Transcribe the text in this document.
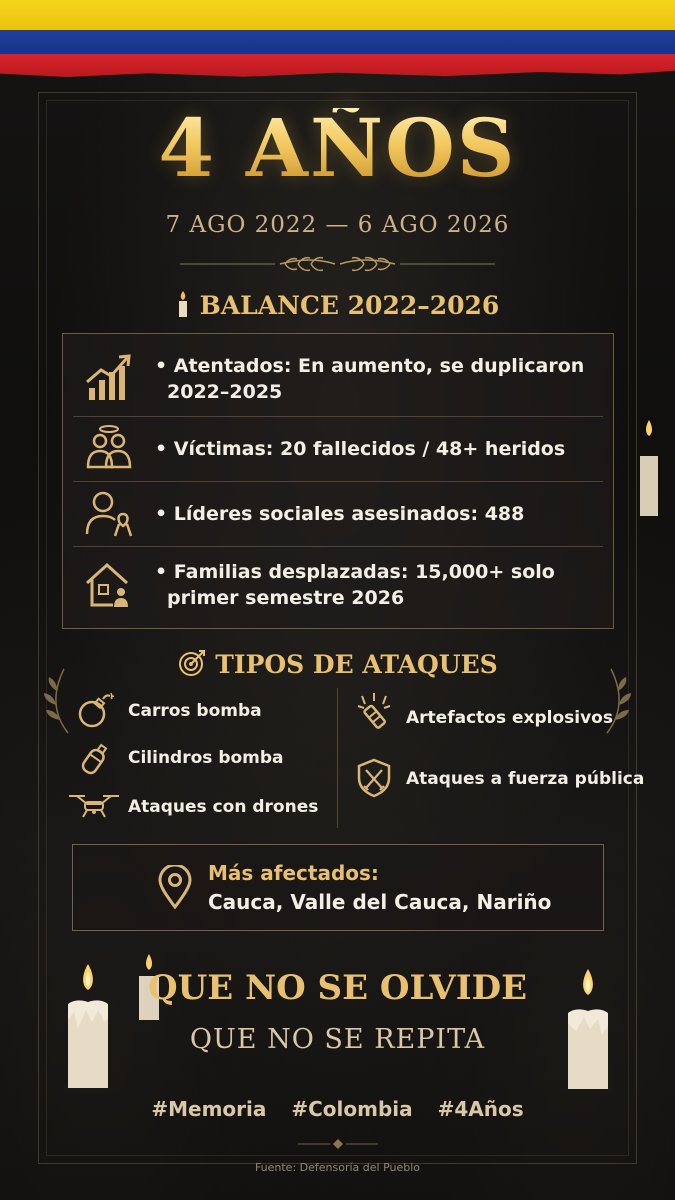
4 AÑOS
7 AGO 2022 — 6 AGO 2026
BALANCE 2022–2026
• Atentados: En aumento, se duplicaron
2022–2025
• Víctimas: 20 fallecidos / 48+ heridos
• Líderes sociales asesinados: 488
• Familias desplazadas: 15,000+ solo
primer semestre 2026
TIPOS DE ATAQUES
Carros bomba
Cilindros bomba
Ataques con drones
Artefactos explosivos
Ataques a fuerza pública
Más afectados:
Cauca, Valle del Cauca, Nariño
QUE NO SE OLVIDE
QUE NO SE REPITA
#Memoria #Colombia #4Años
Fuente: Defensoría del Pueblo
